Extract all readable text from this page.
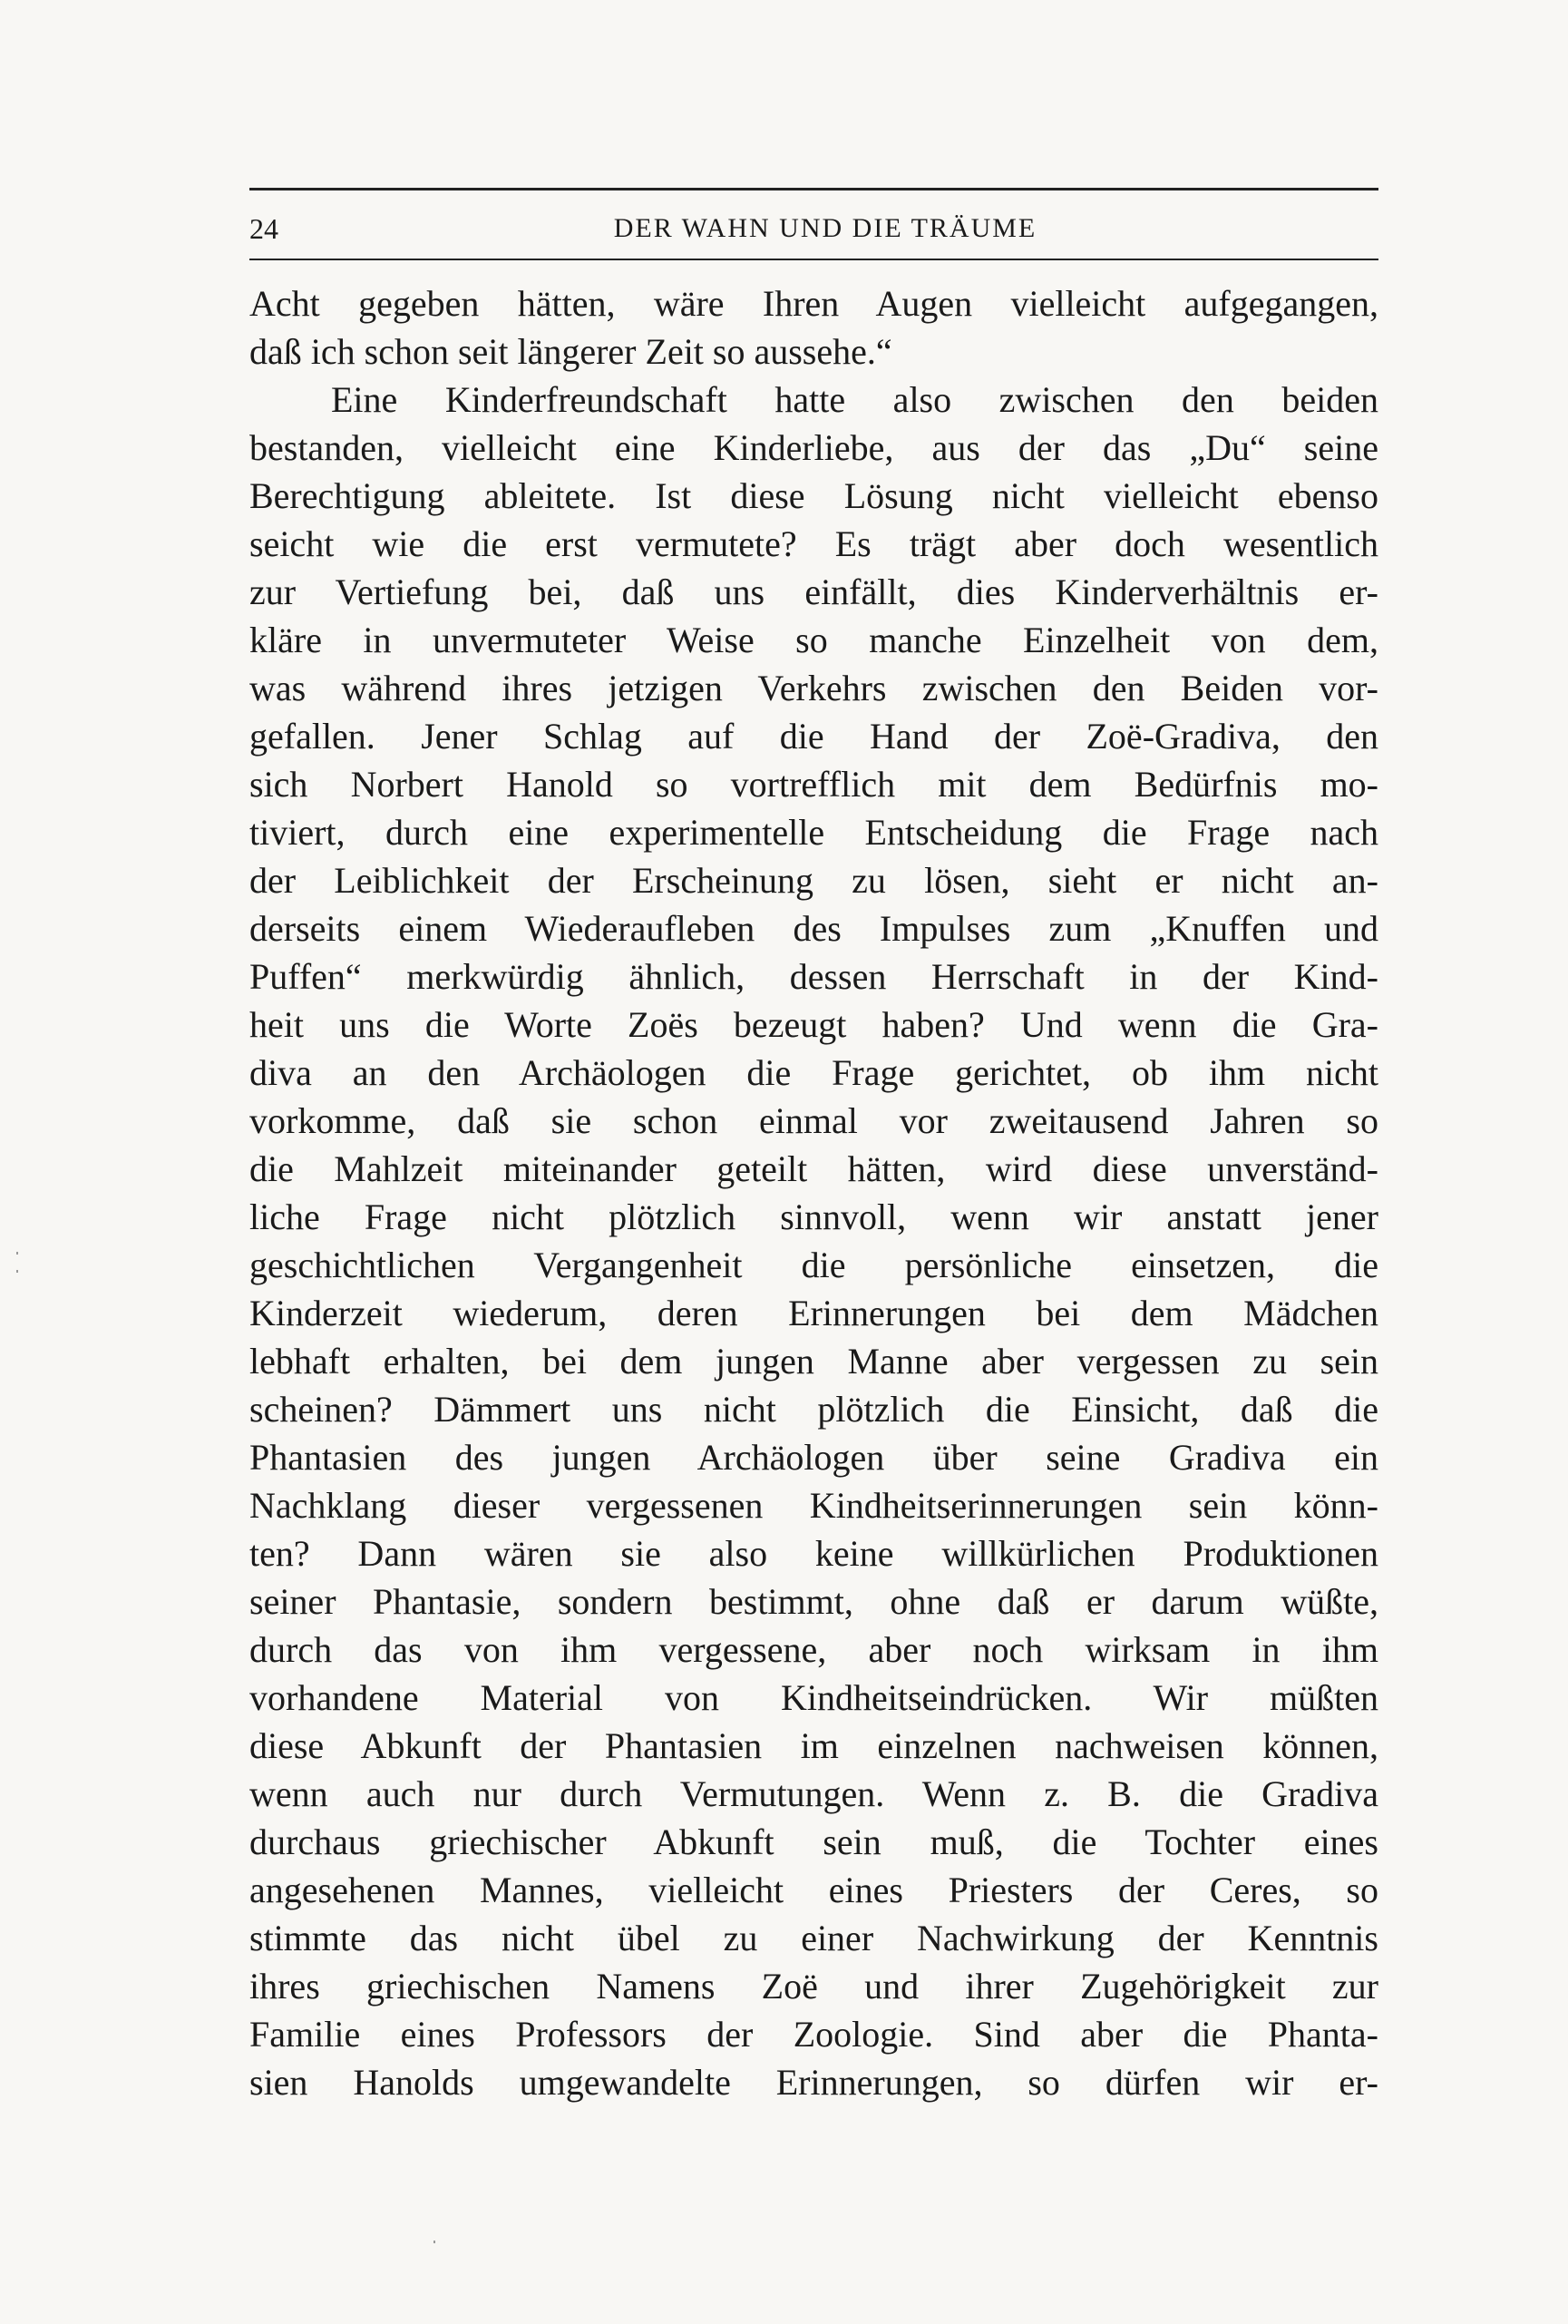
24	DER WAHN UND DIE TRÄUME
Acht gegeben hätten, wäre Ihren Augen vielleicht aufgegangen,
daß ich schon seit längerer Zeit so aussehe.“
Eine Kinderfreundschaft hatte also zwischen den beiden
bestanden, vielleicht eine Kinderliebe, aus der das „Du“ seine
Berechtigung ableitete. Ist diese Lösung nicht vielleicht ebenso
seicht wie die erst vermutete? Es trägt aber doch wesentlich
zur Vertiefung bei, daß uns einfällt, dies Kinderverhältnis er-
kläre in unvermuteter Weise so manche Einzelheit von dem,
was während ihres jetzigen Verkehrs zwischen den Beiden vor-
gefallen. Jener Schlag auf die Hand der Zoë-Gradiva, den
sich Norbert Hanold so vortrefflich mit dem Bedürfnis mo-
tiviert, durch eine experimentelle Entscheidung die Frage nach
der Leiblichkeit der Erscheinung zu lösen, sieht er nicht an-
derseits einem Wiederaufleben des Impulses zum „Knuffen und
Puffen“ merkwürdig ähnlich, dessen Herrschaft in der Kind-
heit uns die Worte Zoës bezeugt haben? Und wenn die Gra-
diva an den Archäologen die Frage gerichtet, ob ihm nicht
vorkomme, daß sie schon einmal vor zweitausend Jahren so
die Mahlzeit miteinander geteilt hätten, wird diese unverständ-
liche Frage nicht plötzlich sinnvoll, wenn wir anstatt jener
geschichtlichen Vergangenheit die persönliche einsetzen, die
Kinderzeit wiederum, deren Erinnerungen bei dem Mädchen
lebhaft erhalten, bei dem jungen Manne aber vergessen zu sein
scheinen? Dämmert uns nicht plötzlich die Einsicht, daß die
Phantasien des jungen Archäologen über seine Gradiva ein
Nachklang dieser vergessenen Kindheitserinnerungen sein könn-
ten? Dann wären sie also keine willkürlichen Produktionen
seiner Phantasie, sondern bestimmt, ohne daß er darum wüßte,
durch das von ihm vergessene, aber noch wirksam in ihm
vorhandene Material von Kindheitseindrücken. Wir müßten
diese Abkunft der Phantasien im einzelnen nachweisen können,
wenn auch nur durch Vermutungen. Wenn z. B. die Gradiva
durchaus griechischer Abkunft sein muß, die Tochter eines
angesehenen Mannes, vielleicht eines Priesters der Ceres, so
stimmte das nicht übel zu einer Nachwirkung der Kenntnis
ihres griechischen Namens Zoë und ihrer Zugehörigkeit zur
Familie eines Professors der Zoologie. Sind aber die Phanta-
sien Hanolds umgewandelte Erinnerungen, so dürfen wir er-
